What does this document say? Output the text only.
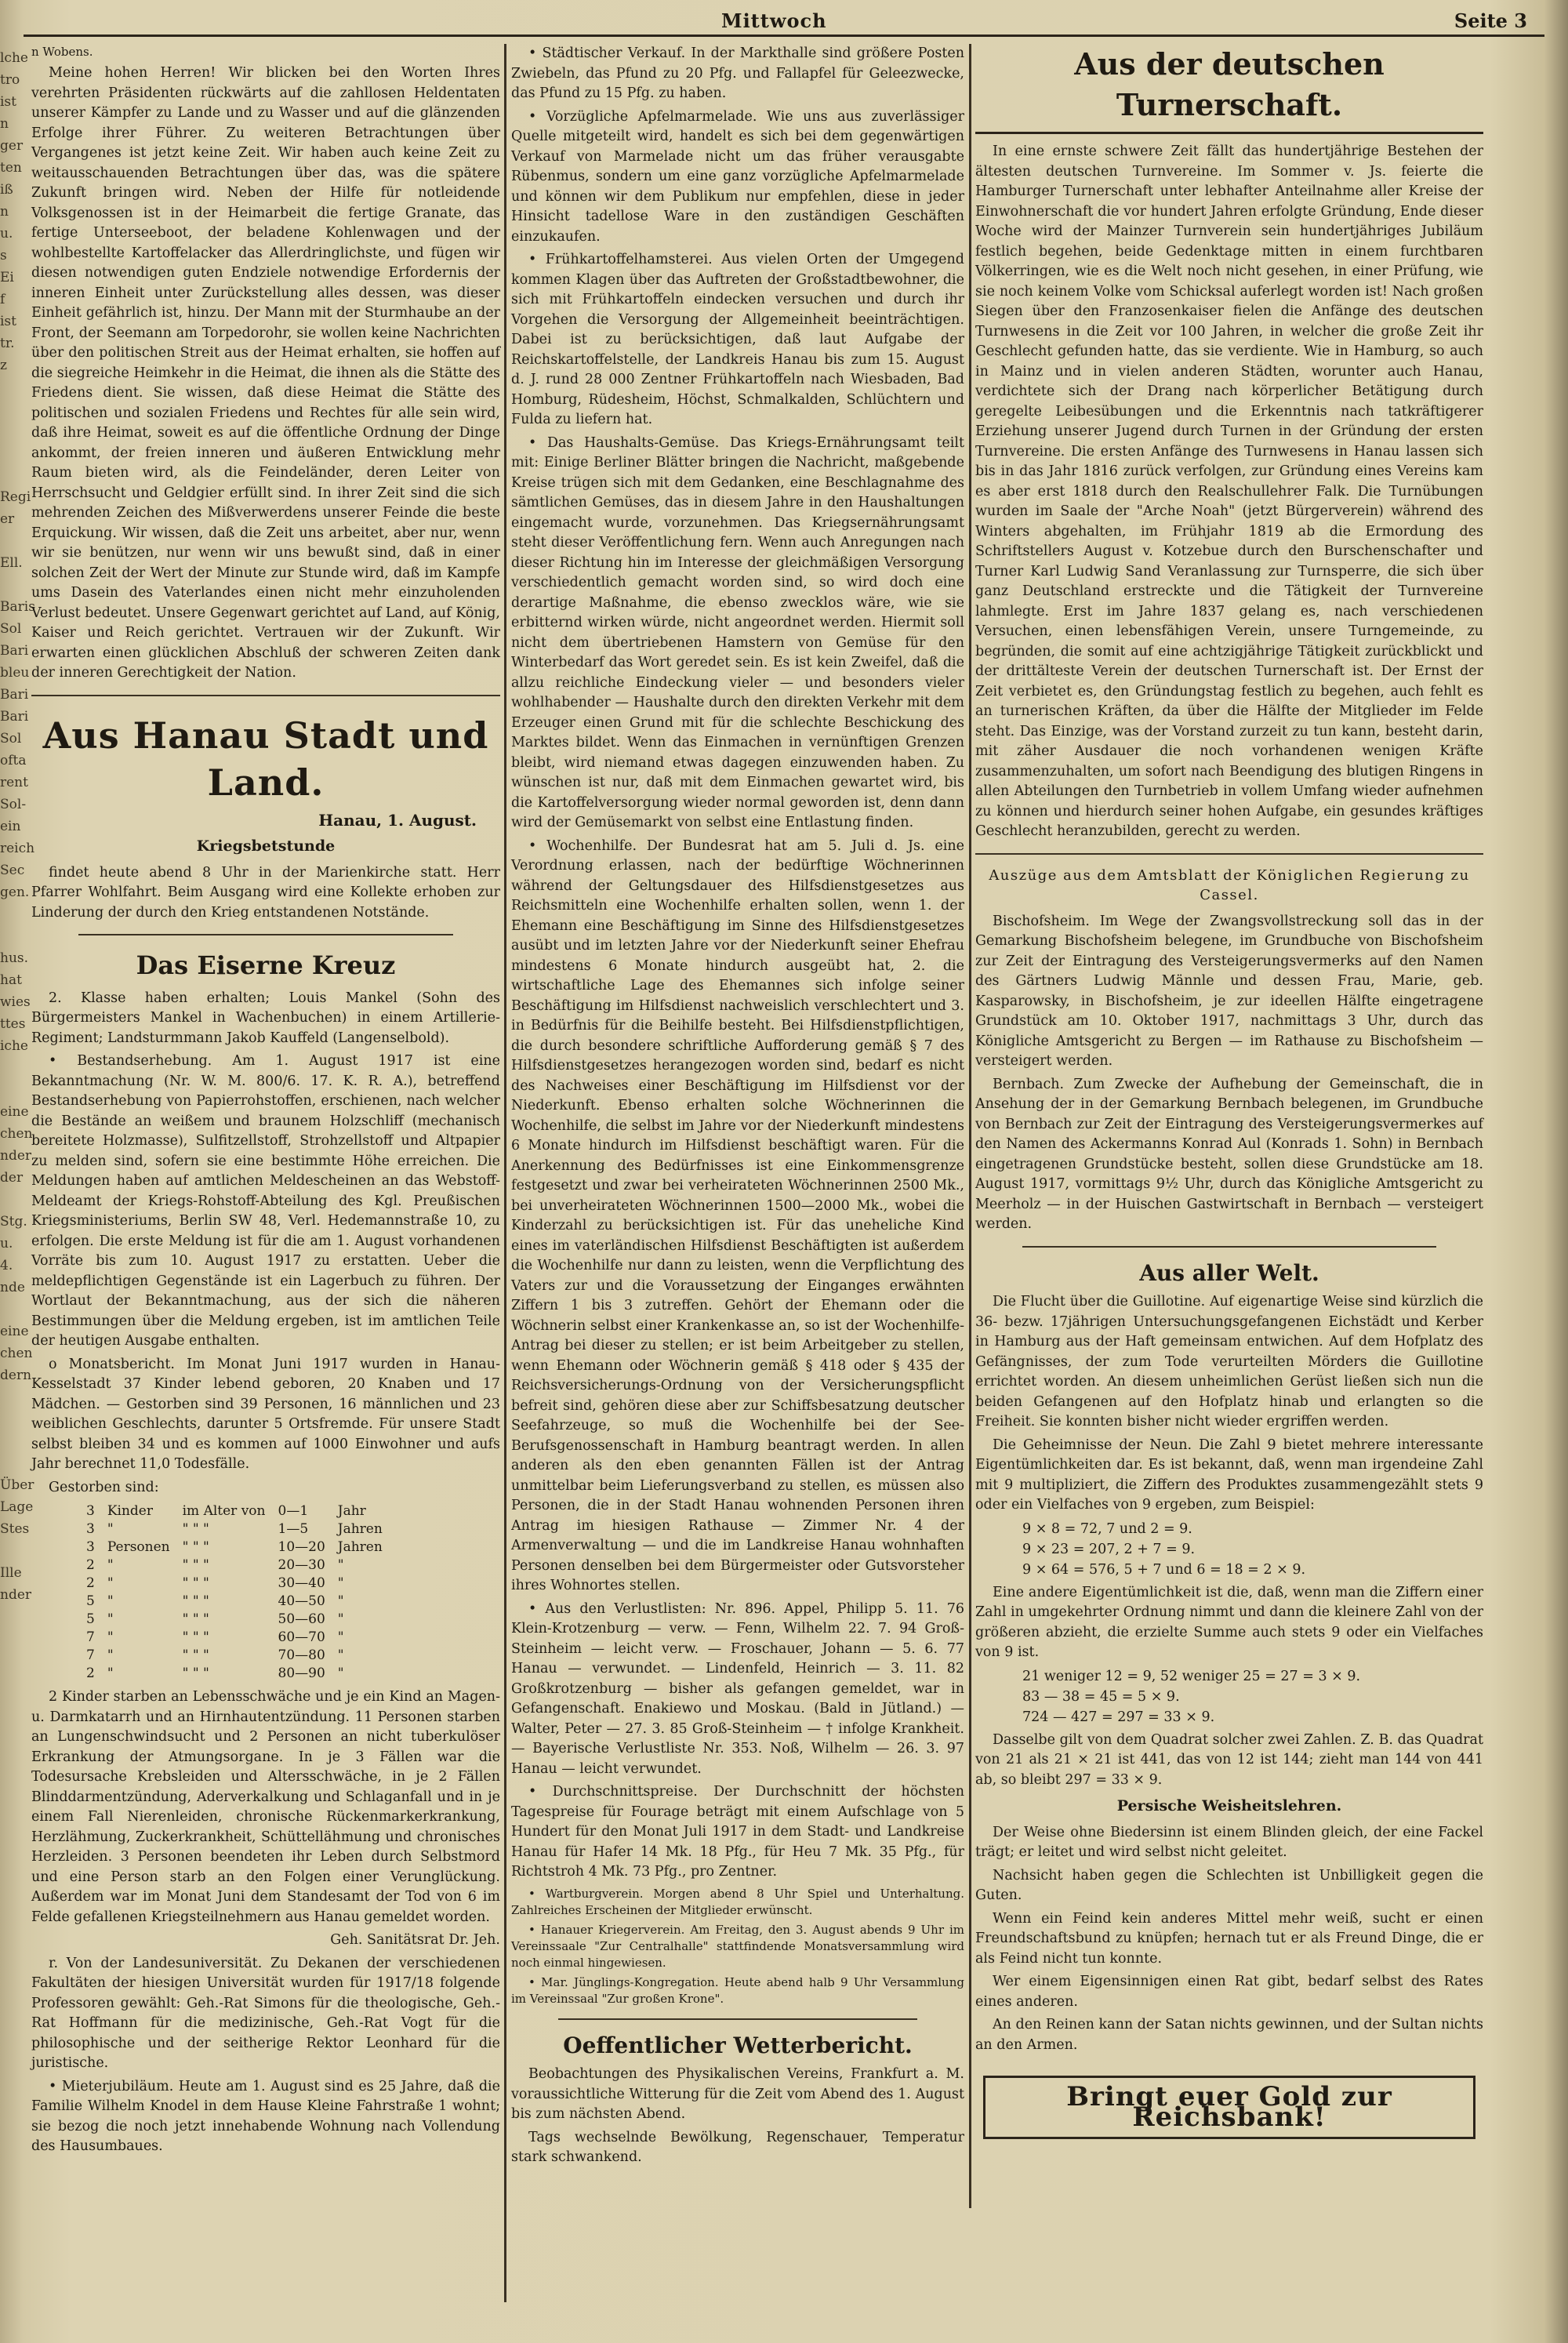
Mittwoch	Seite 3
lche
tro
ist
n
ger
ten
iß
n
u.
s
Ei
f
ist
tr.
z

Regi
er

Ell.

Baris
Sol
Bari
bleu
Bari
Bari
Sol
ofta
rent
Sol-
ein
reich
Sec
gen.

hus.
hat
wies
ttes
iche

eine
chen
nder
der

Stg.
u.
4.
nde

eine
chen
dern

Über
Lage
Stes

Ille
nder

n Wobens.

Meine hohen Herren! Wir blicken bei den Worten Ihres verehrten Präsidenten rückwärts auf die zahllosen Heldentaten unserer Kämpfer zu Lande und zu Wasser und auf die glänzenden Erfolge ihrer Führer. Zu weiteren Betrachtungen über Vergangenes ist jetzt keine Zeit. Wir haben auch keine Zeit zu weitausschauenden Betrachtungen über das, was die spätere Zukunft bringen wird. Neben der Hilfe für notleidende Volksgenossen ist in der Heimarbeit die fertige Granate, das fertige Unterseeboot, der beladene Kohlenwagen und der wohlbestellte Kartoffelacker das Allerdringlichste, und fügen wir diesen notwendigen guten Endziele notwendige Erfordernis der inneren Einheit unter Zurückstellung alles dessen, was dieser Einheit gefährlich ist, hinzu. Der Mann mit der Sturmhaube an der Front, der Seemann am Torpedorohr, sie wollen keine Nachrichten über den politischen Streit aus der Heimat erhalten, sie hoffen auf die siegreiche Heimkehr in die Heimat, die ihnen als die Stätte des Friedens dient. Sie wissen, daß diese Heimat die Stätte des politischen und sozialen Friedens und Rechtes für alle sein wird, daß ihre Heimat, soweit es auf die öffentliche Ordnung der Dinge ankommt, der freien inneren und äußeren Entwicklung mehr Raum bieten wird, als die Feindeländer, deren Leiter von Herrschsucht und Geldgier erfüllt sind. In ihrer Zeit sind die sich mehrenden Zeichen des Mißverwerdens unserer Feinde die beste Erquickung. Wir wissen, daß die Zeit uns arbeitet, aber nur, wenn wir sie benützen, nur wenn wir uns bewußt sind, daß in einer solchen Zeit der Wert der Minute zur Stunde wird, daß im Kampfe ums Dasein des Vaterlandes einen nicht mehr einzuholenden Verlust bedeutet. Unsere Gegenwart gerichtet auf Land, auf König, Kaiser und Reich gerichtet. Vertrauen wir der Zukunft. Wir erwarten einen glücklichen Abschluß der schweren Zeiten dank der inneren Gerechtigkeit der Nation.

Aus Hanau Stadt und Land.
Hanau, 1. August.
Kriegsbetstunde

findet heute abend 8 Uhr in der Marienkirche statt. Herr Pfarrer Wohlfahrt. Beim Ausgang wird eine Kollekte erhoben zur Linderung der durch den Krieg entstandenen Notstände.

Das Eiserne Kreuz

2. Klasse haben erhalten; Louis Mankel (Sohn des Bürgermeisters Mankel in Wachenbuchen) in einem Artillerie-Regiment; Landsturmmann Jakob Kauffeld (Langenselbold).

• Bestandserhebung. Am 1. August 1917 ist eine Bekanntmachung (Nr. W. M. 800/6. 17. K. R. A.), betreffend Bestandserhebung von Papierrohstoffen, erschienen, nach welcher die Bestände an weißem und braunem Holzschliff (mechanisch bereitete Holzmasse), Sulfitzellstoff, Strohzellstoff und Altpapier zu melden sind, sofern sie eine bestimmte Höhe erreichen. Die Meldungen haben auf amtlichen Meldescheinen an das Webstoff-Meldeamt der Kriegs-Rohstoff-Abteilung des Kgl. Preußischen Kriegsministeriums, Berlin SW 48, Verl. Hedemannstraße 10, zu erfolgen. Die erste Meldung ist für die am 1. August vorhandenen Vorräte bis zum 10. August 1917 zu erstatten. Ueber die meldepflichtigen Gegenstände ist ein Lagerbuch zu führen. Der Wortlaut der Bekanntmachung, aus der sich die näheren Bestimmungen über die Meldung ergeben, ist im amtlichen Teile der heutigen Ausgabe enthalten.

o Monatsbericht. Im Monat Juni 1917 wurden in Hanau-Kesselstadt 37 Kinder lebend geboren, 20 Knaben und 17 Mädchen. — Gestorben sind 39 Personen, 16 männlichen und 23 weiblichen Geschlechts, darunter 5 Ortsfremde. Für unsere Stadt selbst bleiben 34 und es kommen auf 1000 Einwohner und aufs Jahr berechnet 11,0 Todesfälle.

Gestorben sind:

3	Kinder	im Alter von	0—1	Jahr
3	"	" " "	1—5	Jahren
3	Personen	" " "	10—20	Jahren
2	"	" " "	20—30	"
2	"	" " "	30—40	"
5	"	" " "	40—50	"
5	"	" " "	50—60	"
7	"	" " "	60—70	"
7	"	" " "	70—80	"
2	"	" " "	80—90	"

2 Kinder starben an Lebensschwäche und je ein Kind an Magen- u. Darmkatarrh und an Hirnhautentzündung. 11 Personen starben an Lungenschwindsucht und 2 Personen an nicht tuberkulöser Erkrankung der Atmungsorgane. In je 3 Fällen war die Todesursache Krebsleiden und Altersschwäche, in je 2 Fällen Blinddarmentzündung, Aderverkalkung und Schlaganfall und in je einem Fall Nierenleiden, chronische Rückenmarkerkrankung, Herzlähmung, Zuckerkrankheit, Schüttellähmung und chronisches Herzleiden. 3 Personen beendeten ihr Leben durch Selbstmord und eine Person starb an den Folgen einer Verunglückung. Außerdem war im Monat Juni dem Standesamt der Tod von 6 im Felde gefallenen Kriegsteilnehmern aus Hanau gemeldet worden.

Geh. Sanitätsrat Dr. Jeh.

r. Von der Landesuniversität. Zu Dekanen der verschiedenen Fakultäten der hiesigen Universität wurden für 1917/18 folgende Professoren gewählt: Geh.-Rat Simons für die theologische, Geh.-Rat Hoffmann für die medizinische, Geh.-Rat Vogt für die philosophische und der seitherige Rektor Leonhard für die juristische.

• Mieterjubiläum. Heute am 1. August sind es 25 Jahre, daß die Familie Wilhelm Knodel in dem Hause Kleine Fahrstraße 1 wohnt; sie bezog die noch jetzt innehabende Wohnung nach Vollendung des Hausumbaues.

• Städtischer Verkauf. In der Markthalle sind größere Posten Zwiebeln, das Pfund zu 20 Pfg. und Fallapfel für Geleezwecke, das Pfund zu 15 Pfg. zu haben.

• Vorzügliche Apfelmarmelade. Wie uns aus zuverlässiger Quelle mitgeteilt wird, handelt es sich bei dem gegenwärtigen Verkauf von Marmelade nicht um das früher verausgabte Rübenmus, sondern um eine ganz vorzügliche Apfelmarmelade und können wir dem Publikum nur empfehlen, diese in jeder Hinsicht tadellose Ware in den zuständigen Geschäften einzukaufen.

• Frühkartoffelhamsterei. Aus vielen Orten der Umgegend kommen Klagen über das Auftreten der Großstadtbewohner, die sich mit Frühkartoffeln eindecken versuchen und durch ihr Vorgehen die Versorgung der Allgemeinheit beeinträchtigen. Dabei ist zu berücksichtigen, daß laut Aufgabe der Reichskartoffelstelle, der Landkreis Hanau bis zum 15. August d. J. rund 28 000 Zentner Frühkartoffeln nach Wiesbaden, Bad Homburg, Rüdesheim, Höchst, Schmalkalden, Schlüchtern und Fulda zu liefern hat.

• Das Haushalts-Gemüse. Das Kriegs-Ernährungsamt teilt mit: Einige Berliner Blätter bringen die Nachricht, maßgebende Kreise trügen sich mit dem Gedanken, eine Beschlagnahme des sämtlichen Gemüses, das in diesem Jahre in den Haushaltungen eingemacht wurde, vorzunehmen. Das Kriegsernährungsamt steht dieser Veröffentlichung fern. Wenn auch Anregungen nach dieser Richtung hin im Interesse der gleichmäßigen Versorgung verschiedentlich gemacht worden sind, so wird doch eine derartige Maßnahme, die ebenso zwecklos wäre, wie sie erbitternd wirken würde, nicht angeordnet werden. Hiermit soll nicht dem übertriebenen Hamstern von Gemüse für den Winterbedarf das Wort geredet sein. Es ist kein Zweifel, daß die allzu reichliche Eindeckung vieler — und besonders vieler wohlhabender — Haushalte durch den direkten Verkehr mit dem Erzeuger einen Grund mit für die schlechte Beschickung des Marktes bildet. Wenn das Einmachen in vernünftigen Grenzen bleibt, wird niemand etwas dagegen einzuwenden haben. Zu wünschen ist nur, daß mit dem Einmachen gewartet wird, bis die Kartoffelversorgung wieder normal geworden ist, denn dann wird der Gemüsemarkt von selbst eine Entlastung finden.

• Wochenhilfe. Der Bundesrat hat am 5. Juli d. Js. eine Verordnung erlassen, nach der bedürftige Wöchnerinnen während der Geltungsdauer des Hilfsdienstgesetzes aus Reichsmitteln eine Wochenhilfe erhalten sollen, wenn 1. der Ehemann eine Beschäftigung im Sinne des Hilfsdienstgesetzes ausübt und im letzten Jahre vor der Niederkunft seiner Ehefrau mindestens 6 Monate hindurch ausgeübt hat, 2. die wirtschaftliche Lage des Ehemannes sich infolge seiner Beschäftigung im Hilfsdienst nachweislich verschlechtert und 3. in Bedürfnis für die Beihilfe besteht. Bei Hilfsdienstpflichtigen, die durch besondere schriftliche Aufforderung gemäß § 7 des Hilfsdienstgesetzes herangezogen worden sind, bedarf es nicht des Nachweises einer Beschäftigung im Hilfsdienst vor der Niederkunft. Ebenso erhalten solche Wöchnerinnen die Wochenhilfe, die selbst im Jahre vor der Niederkunft mindestens 6 Monate hindurch im Hilfsdienst beschäftigt waren. Für die Anerkennung des Bedürfnisses ist eine Einkommensgrenze festgesetzt und zwar bei verheirateten Wöchnerinnen 2500 Mk., bei unverheirateten Wöchnerinnen 1500—2000 Mk., wobei die Kinderzahl zu berücksichtigen ist. Für das uneheliche Kind eines im vaterländischen Hilfsdienst Beschäftigten ist außerdem die Wochenhilfe nur dann zu leisten, wenn die Verpflichtung des Vaters zur und die Voraussetzung der Einganges erwähnten Ziffern 1 bis 3 zutreffen. Gehört der Ehemann oder die Wöchnerin selbst einer Krankenkasse an, so ist der Wochenhilfe-Antrag bei dieser zu stellen; er ist beim Arbeitgeber zu stellen, wenn Ehemann oder Wöchnerin gemäß § 418 oder § 435 der Reichsversicherungs-Ordnung von der Versicherungspflicht befreit sind, gehören diese aber zur Schiffsbesatzung deutscher Seefahrzeuge, so muß die Wochenhilfe bei der See-Berufsgenossenschaft in Hamburg beantragt werden. In allen anderen als den eben genannten Fällen ist der Antrag unmittelbar beim Lieferungsverband zu stellen, es müssen also Personen, die in der Stadt Hanau wohnenden Personen ihren Antrag im hiesigen Rathause — Zimmer Nr. 4 der Armenverwaltung — und die im Landkreise Hanau wohnhaften Personen denselben bei dem Bürgermeister oder Gutsvorsteher ihres Wohnortes stellen.

• Aus den Verlustlisten: Nr. 896. Appel, Philipp 5. 11. 76 Klein-Krotzenburg — verw. — Fenn, Wilhelm 22. 7. 94 Groß-Steinheim — leicht verw. — Froschauer, Johann — 5. 6. 77 Hanau — verwundet. — Lindenfeld, Heinrich — 3. 11. 82 Großkrotzenburg — bisher als gefangen gemeldet, war in Gefangenschaft. Enakiewo und Moskau. (Bald in Jütland.) — Walter, Peter — 27. 3. 85 Groß-Steinheim — † infolge Krankheit. — Bayerische Verlustliste Nr. 353. Noß, Wilhelm — 26. 3. 97 Hanau — leicht verwundet.

• Durchschnittspreise. Der Durchschnitt der höchsten Tagespreise für Fourage beträgt mit einem Aufschlage von 5 Hundert für den Monat Juli 1917 in dem Stadt- und Landkreise Hanau für Hafer 14 Mk. 18 Pfg., für Heu 7 Mk. 35 Pfg., für Richtstroh 4 Mk. 73 Pfg., pro Zentner.

• Wartburgverein. Morgen abend 8 Uhr Spiel und Unterhaltung. Zahlreiches Erscheinen der Mitglieder erwünscht.

• Hanauer Kriegerverein. Am Freitag, den 3. August abends 9 Uhr im Vereinssaale "Zur Centralhalle" stattfindende Monatsversammlung wird noch einmal hingewiesen.

• Mar. Jünglings-Kongregation. Heute abend halb 9 Uhr Versammlung im Vereinssaal "Zur großen Krone".

Oeffentlicher Wetterbericht.

Beobachtungen des Physikalischen Vereins, Frankfurt a. M. voraussichtliche Witterung für die Zeit vom Abend des 1. August bis zum nächsten Abend.

Tags wechselnde Bewölkung, Regenschauer, Temperatur stark schwankend.

Aus der deutschen Turnerschaft.

In eine ernste schwere Zeit fällt das hundertjährige Bestehen der ältesten deutschen Turnvereine. Im Sommer v. Js. feierte die Hamburger Turnerschaft unter lebhafter Anteilnahme aller Kreise der Einwohnerschaft die vor hundert Jahren erfolgte Gründung, Ende dieser Woche wird der Mainzer Turnverein sein hundertjähriges Jubiläum festlich begehen, beide Gedenktage mitten in einem furchtbaren Völkerringen, wie es die Welt noch nicht gesehen, in einer Prüfung, wie sie noch keinem Volke vom Schicksal auferlegt worden ist! Nach großen Siegen über den Franzosenkaiser fielen die Anfänge des deutschen Turnwesens in die Zeit vor 100 Jahren, in welcher die große Zeit ihr Geschlecht gefunden hatte, das sie verdiente. Wie in Hamburg, so auch in Mainz und in vielen anderen Städten, worunter auch Hanau, verdichtete sich der Drang nach körperlicher Betätigung durch geregelte Leibesübungen und die Erkenntnis nach tatkräftigerer Erziehung unserer Jugend durch Turnen in der Gründung der ersten Turnvereine. Die ersten Anfänge des Turnwesens in Hanau lassen sich bis in das Jahr 1816 zurück verfolgen, zur Gründung eines Vereins kam es aber erst 1818 durch den Realschullehrer Falk. Die Turnübungen wurden im Saale der "Arche Noah" (jetzt Bürgerverein) während des Winters abgehalten, im Frühjahr 1819 ab die Ermordung des Schriftstellers August v. Kotzebue durch den Burschenschafter und Turner Karl Ludwig Sand Veranlassung zur Turnsperre, die sich über ganz Deutschland erstreckte und die Tätigkeit der Turnvereine lahmlegte. Erst im Jahre 1837 gelang es, nach verschiedenen Versuchen, einen lebensfähigen Verein, unsere Turngemeinde, zu begründen, die somit auf eine achtzigjährige Tätigkeit zurückblickt und der drittälteste Verein der deutschen Turnerschaft ist. Der Ernst der Zeit verbietet es, den Gründungstag festlich zu begehen, auch fehlt es an turnerischen Kräften, da über die Hälfte der Mitglieder im Felde steht. Das Einzige, was der Vorstand zurzeit zu tun kann, besteht darin, mit zäher Ausdauer die noch vorhandenen wenigen Kräfte zusammenzuhalten, um sofort nach Beendigung des blutigen Ringens in allen Abteilungen den Turnbetrieb in vollem Umfang wieder aufnehmen zu können und hierdurch seiner hohen Aufgabe, ein gesundes kräftiges Geschlecht heranzubilden, gerecht zu werden.

Auszüge aus dem Amtsblatt der Königlichen Regierung zu Cassel.

Bischofsheim. Im Wege der Zwangsvollstreckung soll das in der Gemarkung Bischofsheim belegene, im Grundbuche von Bischofsheim zur Zeit der Eintragung des Versteigerungsvermerks auf den Namen des Gärtners Ludwig Männle und dessen Frau, Marie, geb. Kasparowsky, in Bischofsheim, je zur ideellen Hälfte eingetragene Grundstück am 10. Oktober 1917, nachmittags 3 Uhr, durch das Königliche Amtsgericht zu Bergen — im Rathause zu Bischofsheim — versteigert werden.

Bernbach. Zum Zwecke der Aufhebung der Gemeinschaft, die in Ansehung der in der Gemarkung Bernbach belegenen, im Grundbuche von Bernbach zur Zeit der Eintragung des Versteigerungsvermerkes auf den Namen des Ackermanns Konrad Aul (Konrads 1. Sohn) in Bernbach eingetragenen Grundstücke besteht, sollen diese Grundstücke am 18. August 1917, vormittags 9½ Uhr, durch das Königliche Amtsgericht zu Meerholz — in der Huischen Gastwirtschaft in Bernbach — versteigert werden.

Aus aller Welt.

Die Flucht über die Guillotine. Auf eigenartige Weise sind kürzlich die 36- bezw. 17jährigen Untersuchungsgefangenen Eichstädt und Kerber in Hamburg aus der Haft gemeinsam entwichen. Auf dem Hofplatz des Gefängnisses, der zum Tode verurteilten Mörders die Guillotine errichtet worden. An diesem unheimlichen Gerüst ließen sich nun die beiden Gefangenen auf den Hofplatz hinab und erlangten so die Freiheit. Sie konnten bisher nicht wieder ergriffen werden.

Die Geheimnisse der Neun. Die Zahl 9 bietet mehrere interessante Eigentümlichkeiten dar. Es ist bekannt, daß, wenn man irgendeine Zahl mit 9 multipliziert, die Ziffern des Produktes zusammengezählt stets 9 oder ein Vielfaches von 9 ergeben, zum Beispiel:

9 × 8 = 72, 7 und 2 = 9.
9 × 23 = 207, 2 + 7 = 9.
9 × 64 = 576, 5 + 7 und 6 = 18 = 2 × 9.

Eine andere Eigentümlichkeit ist die, daß, wenn man die Ziffern einer Zahl in umgekehrter Ordnung nimmt und dann die kleinere Zahl von der größeren abzieht, die erzielte Summe auch stets 9 oder ein Vielfaches von 9 ist.

21 weniger 12 = 9, 52 weniger 25 = 27 = 3 × 9.
83 — 38 = 45 = 5 × 9.
724 — 427 = 297 = 33 × 9.

Dasselbe gilt von dem Quadrat solcher zwei Zahlen. Z. B. das Quadrat von 21 als 21 × 21 ist 441, das von 12 ist 144; zieht man 144 von 441 ab, so bleibt 297 = 33 × 9.

Persische Weisheitslehren.

Der Weise ohne Biedersinn ist einem Blinden gleich, der eine Fackel trägt; er leitet und wird selbst nicht geleitet.

Nachsicht haben gegen die Schlechten ist Unbilligkeit gegen die Guten.

Wenn ein Feind kein anderes Mittel mehr weiß, sucht er einen Freundschaftsbund zu knüpfen; hernach tut er als Freund Dinge, die er als Feind nicht tun konnte.

Wer einem Eigensinnigen einen Rat gibt, bedarf selbst des Rates eines anderen.

An den Reinen kann der Satan nichts gewinnen, und der Sultan nichts an den Armen.

Bringt euer Gold zur Reichsbank!
